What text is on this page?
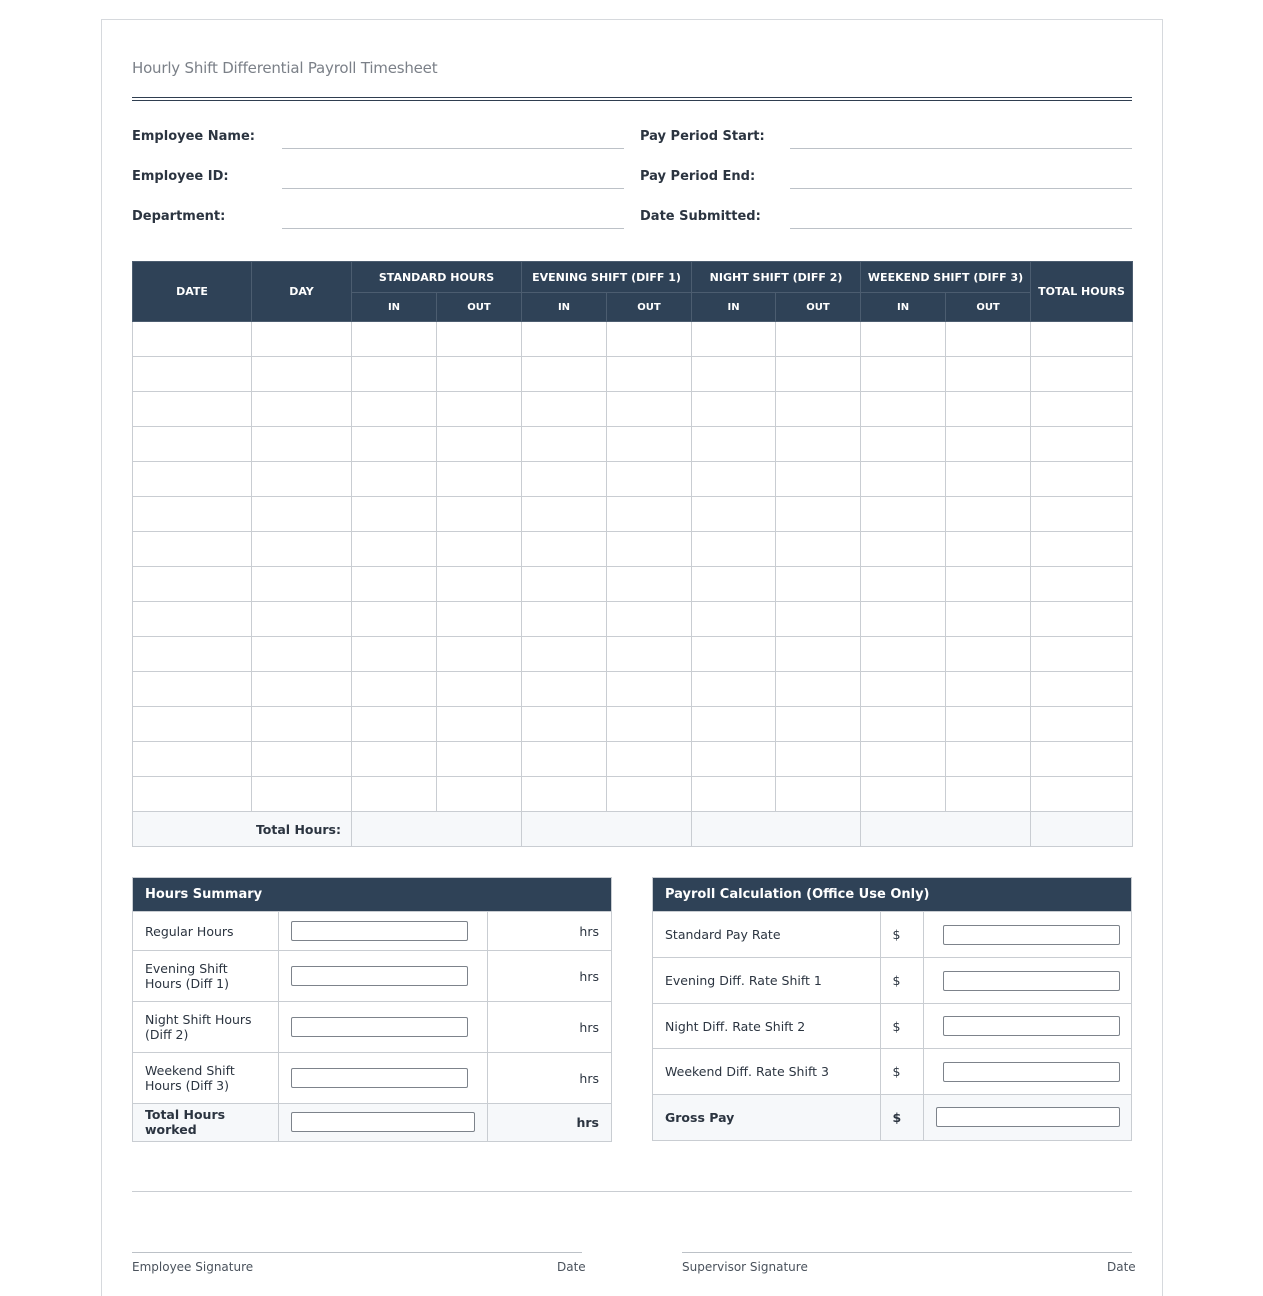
Hourly Shift Differential Payroll Timesheet
Employee Name:	Pay Period Start:
Employee ID:	Pay Period End:
Department:	Date Submitted:
DATE	DAY	STANDARD HOURS		EVENING SHIFT (DIFF 1)		NIGHT SHIFT (DIFF 2)		WEEKEND SHIFT (DIFF 3)		TOTAL HOURS
		IN	OUT	IN	OUT	IN	OUT	IN	OUT	

Total Hours:										
Hours Summary
Regular Hours		hrs
Evening Shift Hours (Diff 1)		hrs
Night Shift Hours (Diff 2)		hrs
Weekend Shift Hours (Diff 3)		hrs
Total Hours worked		hrs
Payroll Calculation (Office Use Only)
Standard Pay Rate	$	

Evening Diff. Rate Shift 1	$	

Night Diff. Rate Shift 2	$	

Weekend Diff. Rate Shift 3	$	

Gross Pay	$	
Employee Signature	Date	Supervisor Signature	Date
